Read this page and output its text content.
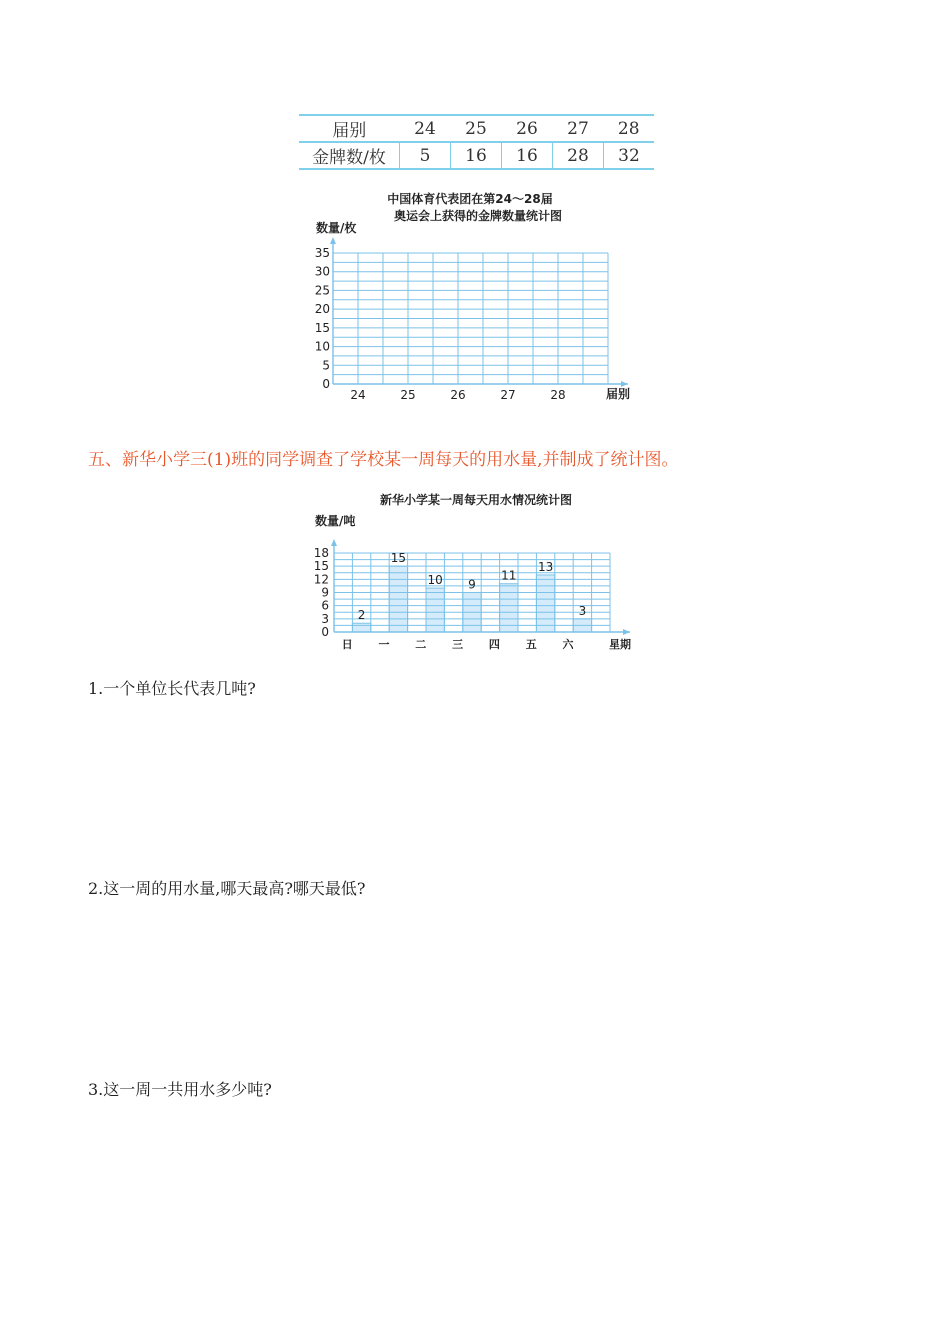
届别	24	25	26	27	28
金牌数/枚	5	16	16	28	32
中国体育代表团在第24～28届
奥运会上获得的金牌数量统计图
数量/枚
届别
0
5
10
15
20
25
30
35
24	25	26	27	28

五、新华小学三(1)班的同学调查了学校某一周每天的用水量,并制成了统计图。

新华小学某一周每天用水情况统计图
数量/吨
星期
2
15
10 9
11
13
3
0
3
6
9
12
15
18
日 一 二 三 四 五 六

1.一个单位长代表几吨?

2.这一周的用水量,哪天最高?哪天最低?

3.这一周一共用水多少吨?
